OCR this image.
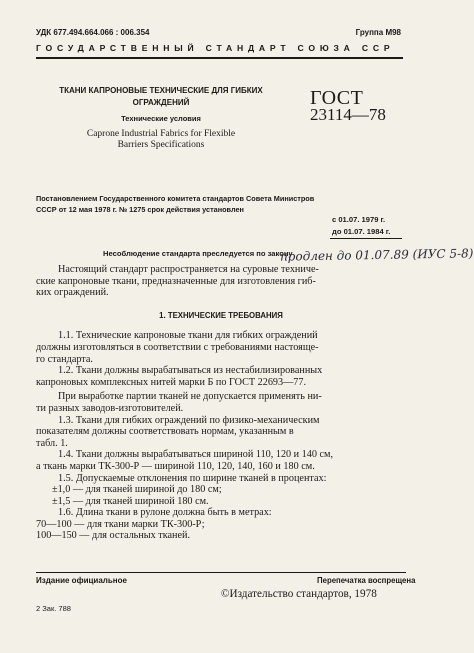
УДК 677.494.664.066 : 006.354	Группа М98
ГОСУДАРСТВЕННЫЙ СТАНДАРТ СОЮЗА ССР
ТКАНИ КАПРОНОВЫЕ ТЕХНИЧЕСКИЕ ДЛЯ ГИБКИХ
ОГРАЖДЕНИЙ
Технические условия
Caprone Industrial Fabrics for Flexible
Barriers Specifications
ГОСТ
23114—78
Постановлением Государственного комитета стандартов Совета Министров
СССР от 12 мая 1978 г. № 1275 срок действия установлен
с 01.07. 1979 г.
до 01.07. 1984 г.
Несоблюдение стандарта преследуется по закону
продлен до 01.07.89 (ИУС 5-8)
Настоящий стандарт распространяется на суровые техниче-
ские капроновые ткани, предназначенные для изготовления гиб-
ких ограждений.
1. ТЕХНИЧЕСКИЕ ТРЕБОВАНИЯ
1.1. Технические капроновые ткани для гибких ограждений
должны изготовляться в соответствии с требованиями настояще-
го стандарта.
1.2. Ткани должны вырабатываться из нестабилизированных
капроновых комплексных нитей марки Б по ГОСТ 22693—77.
При выработке партии тканей не допускается применять ни-
ти разных заводов-изготовителей.
1.3. Ткани для гибких ограждений по физико-механическим
показателям должны соответствовать нормам, указанным в
табл. 1.
1.4. Ткани должны вырабатываться шириной 110, 120 и 140 см,
а ткань марки ТК-300-Р — шириной 110, 120, 140, 160 и 180 см.
1.5. Допускаемые отклонения по ширине тканей в процентах:
±1,0 — для тканей шириной до 180 см;
±1,5 — для тканей шириной 180 см.
1.6. Длина ткани в рулоне должна быть в метрах:
70—100 — для ткани марки ТК-300-Р;
100—150 — для остальных тканей.
Издание официальное	Перепечатка воспрещена
©Издательство стандартов, 1978
2 Зак. 788
